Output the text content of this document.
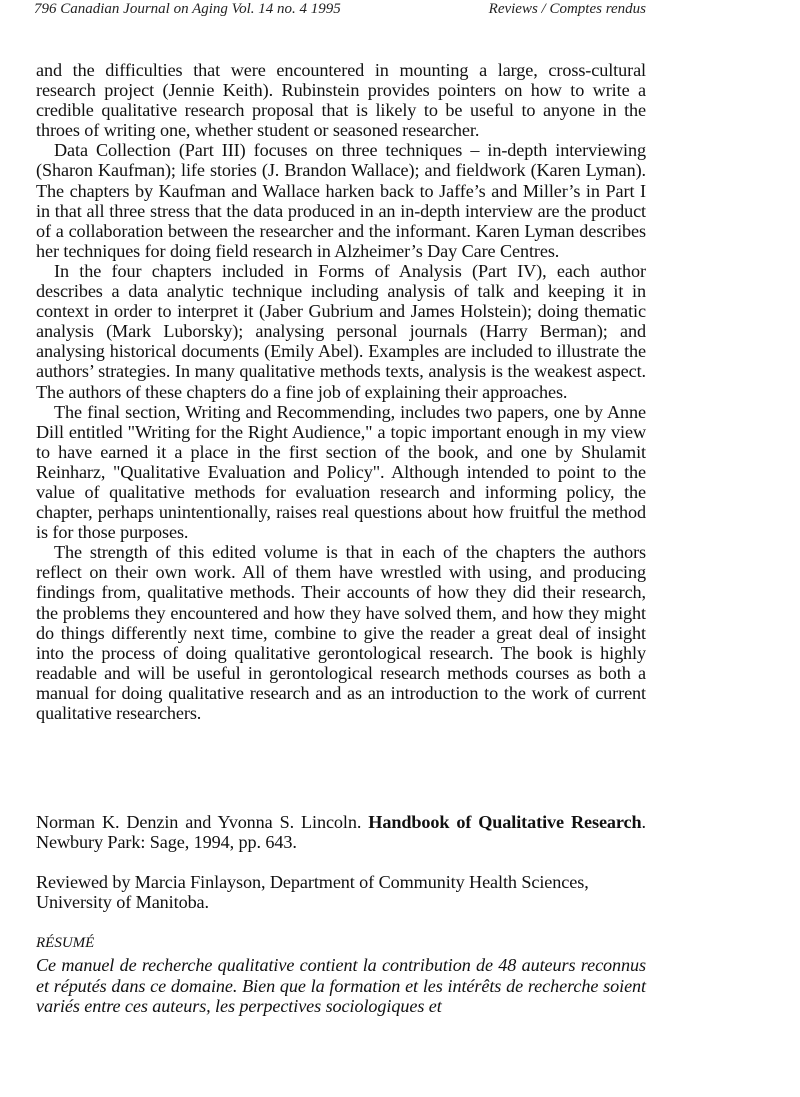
796 Canadian Journal on Aging Vol. 14 no. 4 1995	Reviews / Comptes rendus

and the difficulties that were encountered in mounting a large, cross-cultural research project (Jennie Keith). Rubinstein provides pointers on how to write a credible qualitative research proposal that is likely to be useful to anyone in the throes of writing one, whether student or seasoned researcher.

Data Collection (Part III) focuses on three techniques – in-depth interviewing (Sharon Kaufman); life stories (J. Brandon Wallace); and fieldwork (Karen Lyman). The chapters by Kaufman and Wallace harken back to Jaffe’s and Miller’s in Part I in that all three stress that the data produced in an in-depth interview are the product of a collaboration between the researcher and the informant. Karen Lyman describes her techniques for doing field research in Alzheimer’s Day Care Centres.

In the four chapters included in Forms of Analysis (Part IV), each author describes a data analytic technique including analysis of talk and keeping it in context in order to interpret it (Jaber Gubrium and James Holstein); doing thematic analysis (Mark Luborsky); analysing personal journals (Harry Berman); and analysing historical documents (Emily Abel). Examples are included to illustrate the authors’ strategies. In many qualitative methods texts, analysis is the weakest aspect. The authors of these chapters do a fine job of explaining their approaches.

The final section, Writing and Recommending, includes two papers, one by Anne Dill entitled "Writing for the Right Audience," a topic important enough in my view to have earned it a place in the first section of the book, and one by Shulamit Reinharz, "Qualitative Evaluation and Policy". Although intended to point to the value of qualitative methods for evaluation research and informing policy, the chapter, perhaps unintentionally, raises real questions about how fruitful the method is for those purposes.

The strength of this edited volume is that in each of the chapters the authors reflect on their own work. All of them have wrestled with using, and producing findings from, qualitative methods. Their accounts of how they did their research, the problems they encountered and how they have solved them, and how they might do things differently next time, combine to give the reader a great deal of insight into the process of doing qualitative gerontological research. The book is highly readable and will be useful in gerontological research methods courses as both a manual for doing qualitative research and as an introduction to the work of current qualitative researchers.

Norman K. Denzin and Yvonna S. Lincoln. Handbook of Qualitative Research. Newbury Park: Sage, 1994, pp. 643.

Reviewed by Marcia Finlayson, Department of Community Health Sciences, University of Manitoba.

RÉSUMÉ

Ce manuel de recherche qualitative contient la contribution de 48 auteurs reconnus et réputés dans ce domaine. Bien que la formation et les intérêts de recherche soient variés entre ces auteurs, les perpectives sociologiques et
